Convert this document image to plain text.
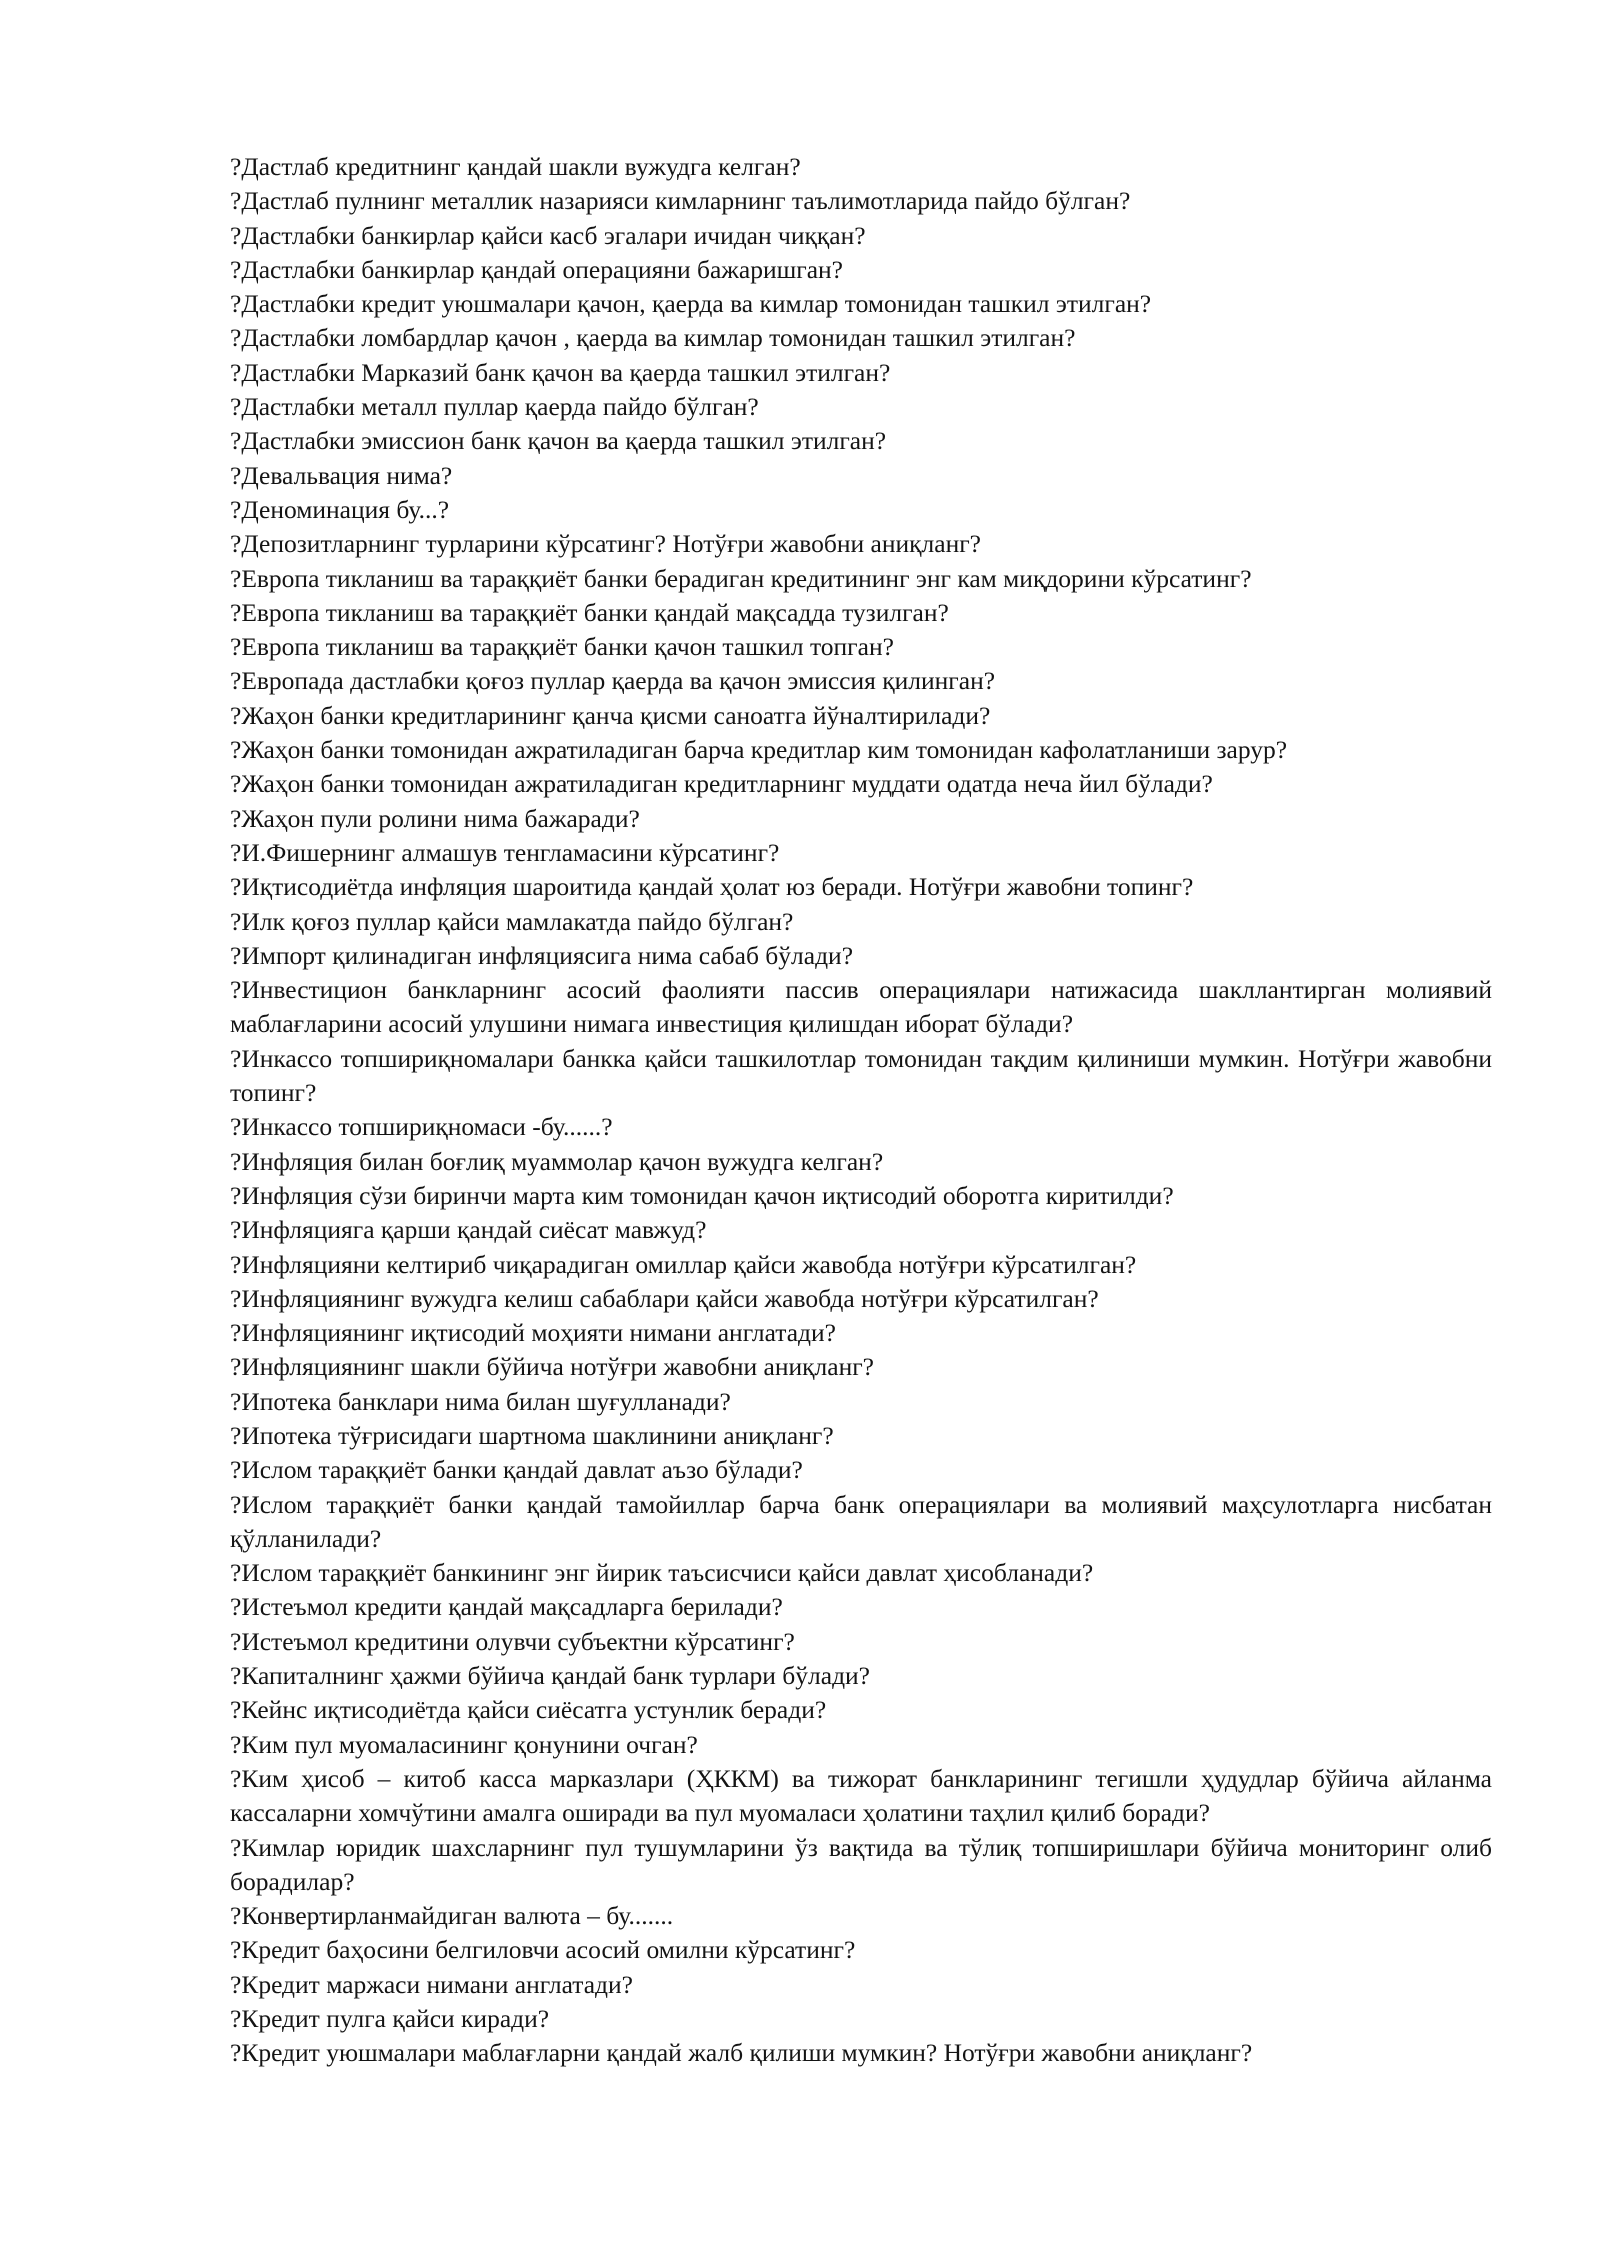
?Дастлаб кредитнинг қандай шакли вужудга келган?

?Дастлаб пулнинг металлик назарияси кимларнинг таълимотларида пайдо бўлган?

?Дастлабки банкирлар қайси касб эгалари ичидан чиққан?

?Дастлабки банкирлар қандай операцияни бажаришган?

?Дастлабки кредит уюшмалари қачон, қаерда ва кимлар томонидан ташкил этилган?

?Дастлабки ломбардлар қачон , қаерда ва кимлар томонидан ташкил этилган?

?Дастлабки Марказий банк қачон ва қаерда ташкил этилган?

?Дастлабки металл пуллар қаерда пайдо бўлган?

?Дастлабки эмиссион банк қачон ва қаерда ташкил этилган?

?Девальвация нима?

?Деноминация бу...?

?Депозитларнинг турларини кўрсатинг? Нотўғри жавобни аниқланг?

?Европа тикланиш ва тараққиёт банки берадиган кредитининг энг кам миқдорини кўрсатинг?

?Европа тикланиш ва тараққиёт банки қандай мақсадда тузилган?

?Европа тикланиш ва тараққиёт банки қачон ташкил топган?

?Европада дастлабки қоғоз пуллар қаерда ва қачон эмиссия қилинган?

?Жаҳон банки кредитларининг қанча қисми саноатга йўналтирилади?

?Жаҳон банки томонидан ажратиладиган барча кредитлар ким томонидан кафолатланиши зарур?

?Жаҳон банки томонидан ажратиладиган кредитларнинг муддати одатда неча йил бўлади?

?Жаҳон пули ролини нима бажаради?

?И.Фишернинг алмашув тенгламасини кўрсатинг?

?Иқтисодиётда инфляция шароитида қандай ҳолат юз беради. Нотўғри жавобни топинг?

?Илк қоғоз пуллар қайси мамлакатда пайдо бўлган?

?Импорт қилинадиган инфляциясига нима сабаб бўлади?

?Инвестицион банкларнинг асосий фаолияти пассив операциялари натижасида шакллантирган молиявий маблағларини асосий улушини нимага инвестиция қилишдан иборат бўлади?

?Инкассо топшириқномалари банкка қайси ташкилотлар томонидан тақдим қилиниши мумкин. Нотўғри жавобни топинг?

?Инкассо топшириқномаси -бу......?

?Инфляция билан боғлиқ муаммолар қачон вужудга келган?

?Инфляция сўзи биринчи марта ким томонидан қачон иқтисодий оборотга киритилди?

?Инфляцияга қарши қандай сиёсат мавжуд?

?Инфляцияни келтириб чиқарадиган омиллар қайси жавобда нотўғри кўрсатилган?

?Инфляциянинг вужудга келиш сабаблари қайси жавобда нотўғри кўрсатилган?

?Инфляциянинг иқтисодий моҳияти нимани англатади?

?Инфляциянинг шакли бўйича нотўғри жавобни аниқланг?

?Ипотека банклари нима билан шуғулланади?

?Ипотека тўғрисидаги шартнома шаклинини аниқланг?

?Ислом тараққиёт банки қандай давлат аъзо бўлади?

?Ислом тараққиёт банки қандай тамойиллар барча банк операциялари ва молиявий маҳсулотларга нисбатан қўлланилади?

?Ислом тараққиёт банкининг энг йирик таъсисчиси қайси давлат ҳисобланади?

?Истеъмол кредити қандай мақсадларга берилади?

?Истеъмол кредитини олувчи субъектни кўрсатинг?

?Капиталнинг ҳажми бўйича қандай банк турлари бўлади?

?Кейнс иқтисодиётда қайси сиёсатга устунлик беради?

?Ким пул муомаласининг қонунини очган?

?Ким ҳисоб – китоб касса марказлари (ҲККМ) ва тижорат банкларининг тегишли ҳудудлар бўйича айланма кассаларни хомчўтини амалга оширади ва пул муомаласи ҳолатини таҳлил қилиб боради?

?Кимлар юридик шахсларнинг пул тушумларини ўз вақтида ва тўлиқ топширишлари бўйича мониторинг олиб борадилар?

?Конвертирланмайдиган валюта – бу.......

?Кредит баҳосини белгиловчи асосий омилни кўрсатинг?

?Кредит маржаси нимани англатади?

?Кредит пулга қайси киради?

?Кредит уюшмалари маблағларни қандай жалб қилиши мумкин? Нотўғри жавобни аниқланг?
